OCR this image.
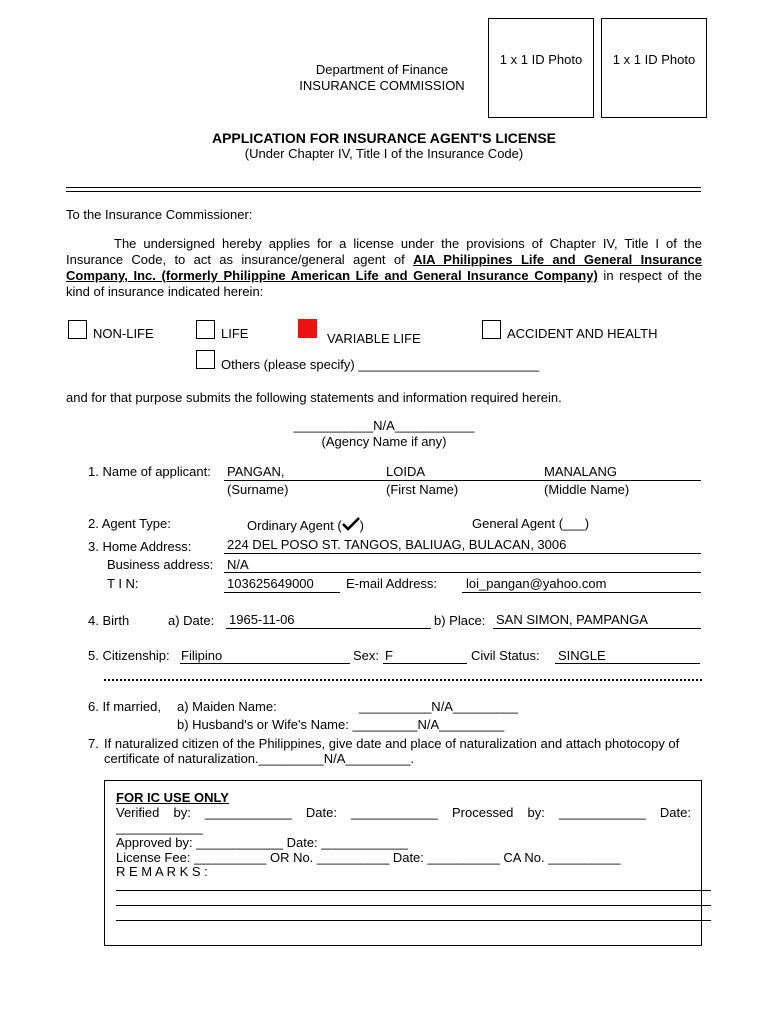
Department of Finance
INSURANCE COMMISSION
1 x 1 ID Photo	1 x 1 ID Photo
APPLICATION FOR INSURANCE AGENT'S LICENSE
(Under Chapter IV, Title I of the Insurance Code)
To the Insurance Commissioner:
The undersigned hereby applies for a license under the provisions of Chapter IV, Title I of the Insurance Code, to act as insurance/general agent of AIA Philippines Life and General Insurance Company, Inc. (formerly Philippine American Life and General Insurance Company) in respect of the kind of insurance indicated herein:
NON-LIFE	LIFE	VARIABLE LIFE	ACCIDENT AND HEALTH
Others (please specify) _________________________
and for that purpose submits the following statements and information required herein.
___________N/A___________
(Agency Name if any)
1. Name of applicant: PANGAN,	LOIDA	MANALANG
(Surname)	(First Name)	(Middle Name)
2. Agent Type:	Ordinary Agent ( )	General Agent (___)
3. Home Address:	224 DEL POSO ST. TANGOS, BALIUAG, BULACAN, 3006
Business address: N/A
T I N:	103625649000 E-mail Address: loi_pangan@yahoo.com
4. Birth	a) Date: 1965-11-06	b) Place: SAN SIMON, PAMPANGA
5. Citizenship: Filipino	Sex: F	Civil Status: SINGLE
6. If married, a) Maiden Name:	__________N/A_________
b) Husband's or Wife's Name: _________N/A_________
7. If naturalized citizen of the Philippines, give date and place of naturalization and attach photocopy of certificate of naturalization._________N/A_________.
FOR IC USE ONLY
Verified by: ____________ Date: ____________ Processed by: ____________ Date:
____________
Approved by: ____________ Date: ____________
License Fee: __________ OR No. __________ Date: __________ CA No. __________
R E M A R K S :
